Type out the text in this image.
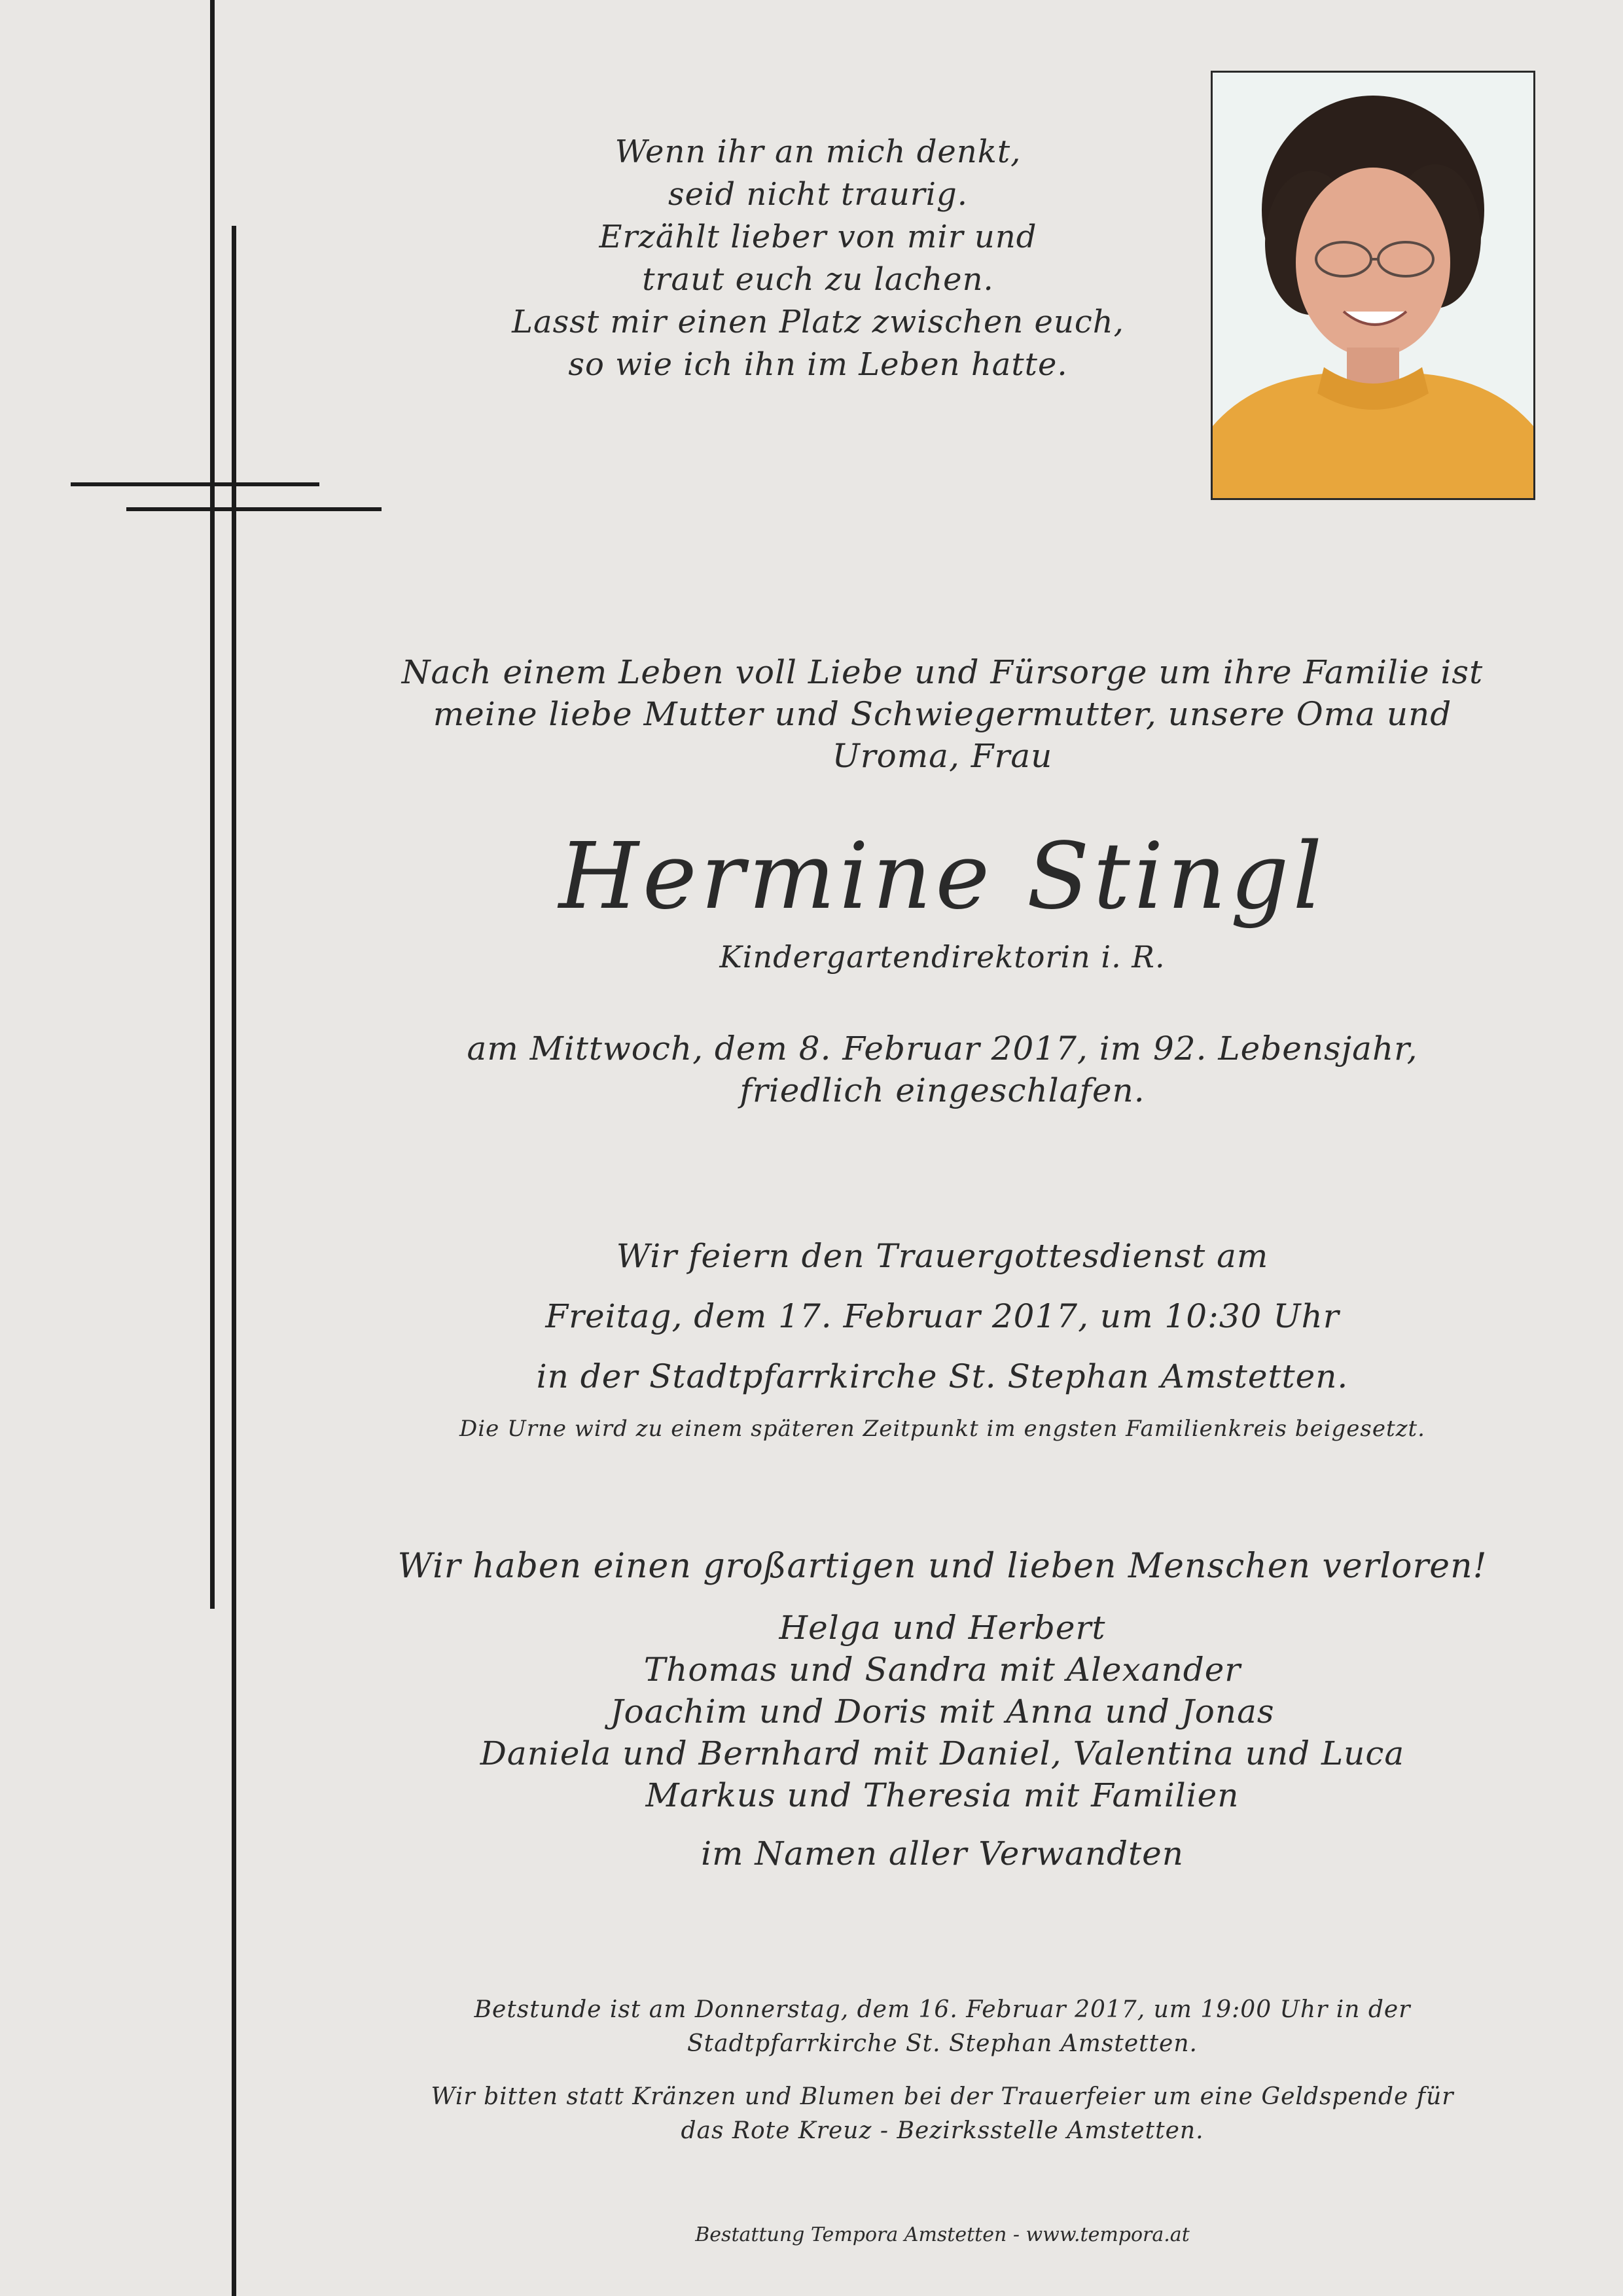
Wenn ihr an mich denkt,
seid nicht traurig.
Erzählt lieber von mir und
traut euch zu lachen.
Lasst mir einen Platz zwischen euch,
so wie ich ihn im Leben hatte.
Nach einem Leben voll Liebe und Fürsorge um ihre Familie ist
meine liebe Mutter und Schwiegermutter, unsere Oma und
Uroma, Frau
Hermine Stingl
Kindergartendirektorin i. R.
am Mittwoch, dem 8. Februar 2017, im 92. Lebensjahr,
friedlich eingeschlafen.
Wir feiern den Trauergottesdienst am
Freitag, dem 17. Februar 2017, um 10:30 Uhr
in der Stadtpfarrkirche St. Stephan Amstetten.
Die Urne wird zu einem späteren Zeitpunkt im engsten Familienkreis beigesetzt.
Wir haben einen großartigen und lieben Menschen verloren!
Helga und Herbert
Thomas und Sandra mit Alexander
Joachim und Doris mit Anna und Jonas
Daniela und Bernhard mit Daniel, Valentina und Luca
Markus und Theresia mit Familien
im Namen aller Verwandten
Betstunde ist am Donnerstag, dem 16. Februar 2017, um 19:00 Uhr in der
Stadtpfarrkirche St. Stephan Amstetten.
Wir bitten statt Kränzen und Blumen bei der Trauerfeier um eine Geldspende für
das Rote Kreuz - Bezirksstelle Amstetten.
Bestattung Tempora Amstetten - www.tempora.at
